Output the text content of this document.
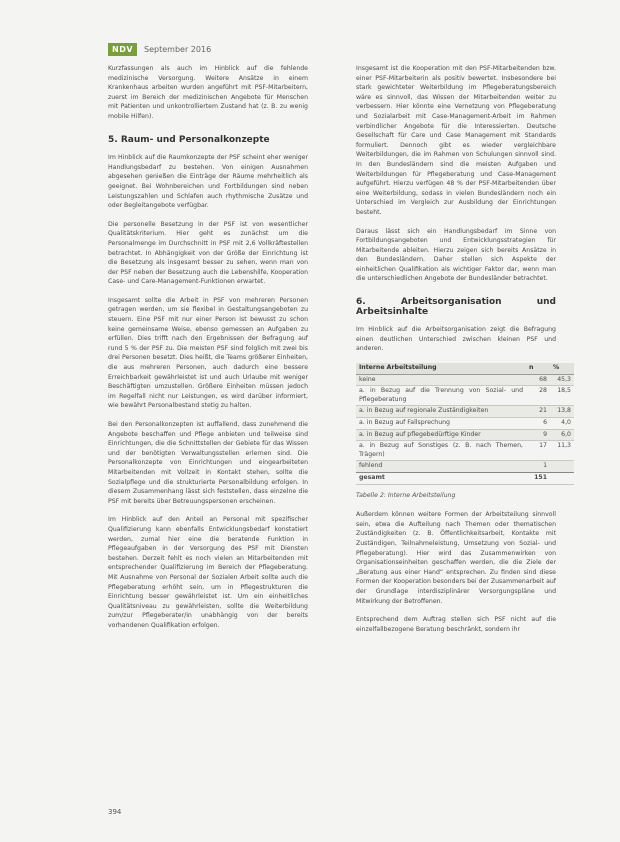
NDV	September 2016

Kurzfassungen als auch im Hinblick auf die fehlende medizinische Versorgung. Weitere Ansätze in einem Krankenhaus arbeiten wurden angeführt mit PSF-Mitarbeitern, zuerst im Bereich der medizinischen Angebote für Menschen mit Patienten und unkontrolliertem Zustand hat (z. B. zu wenig mobile Hilfen).

5. Raum- und Personalkonzepte

Im Hinblick auf die Raumkonzepte der PSF scheint eher weniger Handlungsbedarf zu bestehen. Von einigen Ausnahmen abgesehen genießen die Einträge der Räume mehrheitlich als geeignet. Bei Wohnbereichen und Fortbildungen sind neben Leistungszahlen und Schlafen auch rhythmische Zusätze und oder Begleitangebote verfügbar.

Die personelle Besetzung in der PSF ist von wesentlicher Qualitätskriterium. Hier geht es zunächst um die Personalmenge im Durchschnitt in PSF mit 2,6 Vollkräftestellen betrachtet. In Abhängigkeit von der Größe der Einrichtung ist die Besetzung als insgesamt besser zu sehen, wenn man von der PSF neben der Besetzung auch die Lebenshilfe, Kooperation Case- und Care-Management-Funktionen erwartet.

Insgesamt sollte die Arbeit in PSF von mehreren Personen getragen werden, um sie flexibel in Gestaltungsangeboten zu steuern. Eine PSF mit nur einer Person ist bewusst zu schon keine gemeinsame Weise, ebenso gemessen an Aufgaben zu erfüllen. Dies trifft nach den Ergebnissen der Befragung auf rund 5 % der PSF zu. Die meisten PSF sind folglich mit zwei bis drei Personen besetzt. Dies heißt, die Teams größerer Einheiten, die aus mehreren Personen, auch dadurch eine bessere Erreichbarkeit gewährleistet ist und auch Urlaube mit weniger Beschäftigten umzustellen. Größere Einheiten müssen jedoch im Regelfall nicht nur Leistungen, es wird darüber informiert, wie bewährt Personalbestand stetig zu halten.

Bei den Personalkonzepten ist auffallend, dass zunehmend die Angebote beschaffen und Pflege anbieten und teilweise sind Einrichtungen, die die Schnittstellen der Gebiete für das Wissen und der benötigten Verwaltungsstellen erlernen sind. Die Personalkonzepte von Einrichtungen und eingearbeiteten Mitarbeitenden mit Vollzeit in Kontakt stehen, sollte die Sozialpflege und die strukturierte Personalbildung erfolgen. In diesem Zusammenhang lässt sich feststellen, dass einzelne die PSF mit bereits über Betreuungspersonen erscheinen.

Im Hinblick auf den Anteil an Personal mit spezifischer Qualifizierung kann ebenfalls Entwicklungsbedarf konstatiert werden, zumal hier eine die beratende Funktion in Pflegeaufgaben in der Versorgung des PSF mit Diensten bestehen. Derzeit fehlt es noch vielen an Mitarbeitenden mit entsprechender Qualifizierung im Bereich der Pflegeberatung. Mit Ausnahme von Personal der Sozialen Arbeit sollte auch die Pflegeberatung erhöht sein, um in Pflegestrukturen die Einrichtung besser gewährleistet ist. Um ein einheitliches Qualitätsniveau zu gewährleisten, sollte die Weiterbildung zum/zur Pflegeberater/in unabhängig von der bereits vorhandenen Qualifikation erfolgen.

Insgesamt ist die Kooperation mit den PSF-Mitarbeitenden bzw. einer PSF-Mitarbeiterin als positiv bewertet. Insbesondere bei stark gewichteter Weiterbildung im Pflegeberatungsbereich wäre es sinnvoll, das Wissen der Mitarbeitenden weiter zu verbessern. Hier könnte eine Vernetzung von Pflegeberatung und Sozialarbeit mit Case-Management-Arbeit im Rahmen verbindlicher Angebote für die Interessierten. Deutsche Gesellschaft für Care und Case Management mit Standards formuliert. Dennoch gibt es wieder vergleichbare Weiterbildungen, die im Rahmen von Schulungen sinnvoll sind. In den Bundesländern sind die meisten Aufgaben und Weiterbildungen für Pflegeberatung und Case-Management aufgeführt. Hierzu verfügen 48 % der PSF-Mitarbeitenden über eine Weiterbildung, sodass in vielen Bundesländern noch ein Unterschied im Vergleich zur Ausbildung der Einrichtungen besteht.

Daraus lässt sich ein Handlungsbedarf im Sinne von Fortbildungsangeboten und Entwicklungsstrategien für Mitarbeitende ableiten. Hierzu zeigen sich bereits Ansätze in den Bundesländern. Daher stellen sich Aspekte der einheitlichen Qualifikation als wichtiger Faktor dar, wenn man die unterschiedlichen Angebote der Bundesländer betrachtet.

6. Arbeitsorganisation und Arbeitsinhalte

Im Hinblick auf die Arbeitsorganisation zeigt die Befragung einen deutlichen Unterschied zwischen kleinen PSF und anderen.

Interne Arbeitsteilung	n	%
keine	68	45,3
a. in Bezug auf die Trennung von Sozial- und Pflegeberatung	28	18,5
a. in Bezug auf regionale Zuständigkeiten	21	13,8
a. in Bezug auf Fallsprechung	6	4,0
a. in Bezug auf pflegebedürftige Kinder	9	6,0
a. in Bezug auf Sonstiges (z. B. nach Themen, Trägern)	17	11,3
fehlend	1	
gesamt	151	
Tabelle 2: Interne Arbeitsteilung

Außerdem können weitere Formen der Arbeitsteilung sinnvoll sein, etwa die Aufteilung nach Themen oder thematischen Zuständigkeiten (z. B. Öffentlichkeitsarbeit, Kontakte mit Zuständigen, Teilnahmeleistung, Umsetzung von Sozial- und Pflegeberatung). Hier wird das Zusammenwirken von Organisationseinheiten geschaffen werden, die die Ziele der „Beratung aus einer Hand“ entsprechen. Zu finden sind diese Formen der Kooperation besonders bei der Zusammenarbeit auf der Grundlage interdisziplinärer Versorgungspläne und Mitwirkung der Betroffenen.

Entsprechend dem Auftrag stellen sich PSF nicht auf die einzelfallbezogene Beratung beschränkt, sondern ihr

394
